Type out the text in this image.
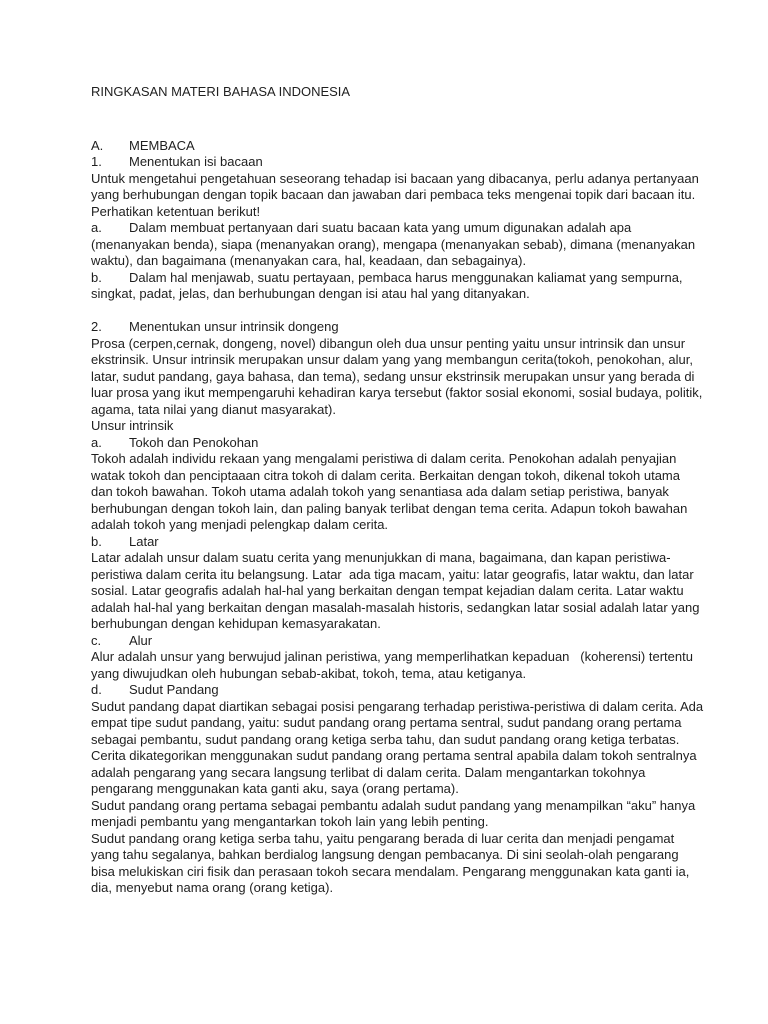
RINGKASAN MATERI BAHASA INDONESIA

A. MEMBACA

1. Menentukan isi bacaan

Untuk mengetahui pengetahuan seseorang tehadap isi bacaan yang dibacanya, perlu adanya pertanyaan yang berhubungan dengan topik bacaan dan jawaban dari pembaca teks mengenai topik dari bacaan itu.

Perhatikan ketentuan berikut!

a. Dalam membuat pertanyaan dari suatu bacaan kata yang umum digunakan adalah apa (menanyakan benda), siapa (menanyakan orang), mengapa (menanyakan sebab), dimana (menanyakan waktu), dan bagaimana (menanyakan cara, hal, keadaan, dan sebagainya).

b. Dalam hal menjawab, suatu pertayaan, pembaca harus menggunakan kaliamat yang sempurna, singkat, padat, jelas, dan berhubungan dengan isi atau hal yang ditanyakan.

2. Menentukan unsur intrinsik dongeng

Prosa (cerpen,cernak, dongeng, novel) dibangun oleh dua unsur penting yaitu unsur intrinsik dan unsur ekstrinsik. Unsur intrinsik merupakan unsur dalam yang yang membangun cerita(tokoh, penokohan, alur, latar, sudut pandang, gaya bahasa, dan tema), sedang unsur ekstrinsik merupakan unsur yang berada di luar prosa yang ikut mempengaruhi kehadiran karya tersebut (faktor sosial ekonomi, sosial budaya, politik, agama, tata nilai yang dianut masyarakat).

Unsur intrinsik

a. Tokoh dan Penokohan

Tokoh adalah individu rekaan yang mengalami peristiwa di dalam cerita. Penokohan adalah penyajian watak tokoh dan penciptaaan citra tokoh di dalam cerita. Berkaitan dengan tokoh, dikenal tokoh utama dan tokoh bawahan. Tokoh utama adalah tokoh yang senantiasa ada dalam setiap peristiwa, banyak berhubungan dengan tokoh lain, dan paling banyak terlibat dengan tema cerita. Adapun tokoh bawahan adalah tokoh yang menjadi pelengkap dalam cerita.

b. Latar

Latar adalah unsur dalam suatu cerita yang menunjukkan di mana, bagaimana, dan kapan peristiwa-peristiwa dalam cerita itu belangsung. Latar  ada tiga macam, yaitu: latar geografis, latar waktu, dan latar sosial. Latar geografis adalah hal-hal yang berkaitan dengan tempat kejadian dalam cerita. Latar waktu adalah hal-hal yang berkaitan dengan masalah-masalah historis, sedangkan latar sosial adalah latar yang berhubungan dengan kehidupan kemasyarakatan.

c. Alur

Alur adalah unsur yang berwujud jalinan peristiwa, yang memperlihatkan kepaduan   (koherensi) tertentu yang diwujudkan oleh hubungan sebab-akibat, tokoh, tema, atau ketiganya.

d. Sudut Pandang

Sudut pandang dapat diartikan sebagai posisi pengarang terhadap peristiwa-peristiwa di dalam cerita. Ada empat tipe sudut pandang, yaitu: sudut pandang orang pertama sentral, sudut pandang orang pertama sebagai pembantu, sudut pandang orang ketiga serba tahu, dan sudut pandang orang ketiga terbatas.

Cerita dikategorikan menggunakan sudut pandang orang pertama sentral apabila dalam tokoh sentralnya adalah pengarang yang secara langsung terlibat di dalam cerita. Dalam mengantarkan tokohnya pengarang menggunakan kata ganti aku, saya (orang pertama).

Sudut pandang orang pertama sebagai pembantu adalah sudut pandang yang menampilkan “aku” hanya menjadi pembantu yang mengantarkan tokoh lain yang lebih penting.

Sudut pandang orang ketiga serba tahu, yaitu pengarang berada di luar cerita dan menjadi pengamat yang tahu segalanya, bahkan berdialog langsung dengan pembacanya. Di sini seolah-olah pengarang bisa melukiskan ciri fisik dan perasaan tokoh secara mendalam. Pengarang menggunakan kata ganti ia, dia, menyebut nama orang (orang ketiga).
